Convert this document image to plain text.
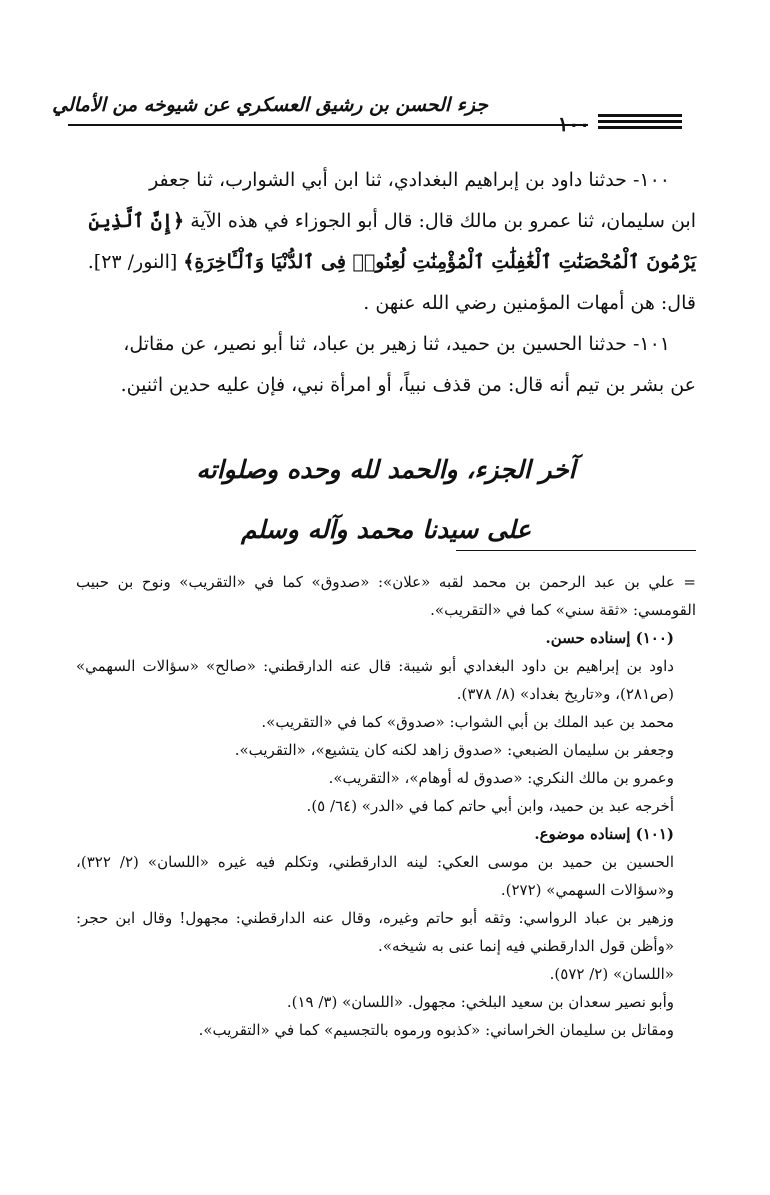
جزء الحسن بن رشيق العسكري عن شيوخه من الأمالي
١٠٠

١٠٠- حدثنا داود بن إبراهيم البغدادي، ثنا ابن أبي الشوارب، ثنا جعفر

ابن سليمان، ثنا عمرو بن مالك قال: قال أبو الجوزاء في هذه الآية ﴿إِنَّ ٱلَّذِينَ

يَرْمُونَ ٱلْمُحْصَنَٰتِ ٱلْغَٰفِلَٰتِ ٱلْمُؤْمِنَٰتِ لُعِنُوا۟ فِى ٱلدُّنْيَا وَٱلْـَٔاخِرَةِ﴾ [النور/ ٢٣].

قال: هن أمهات المؤمنين رضي الله عنهن .

١٠١- حدثنا الحسين بن حميد، ثنا زهير بن عباد، ثنا أبو نصير، عن مقاتل،

عن بشر بن تيم أنه قال: من قذف نبياً، أو امرأة نبي، فإن عليه حدين اثنين.

آخر الجزء، والحمد لله وحده وصلواته

على سيدنا محمد وآله وسلم

= علي بن عبد الرحمن بن محمد لقبه «علان»: «صدوق» كما في «التقريب» ونوح بن حبيب القومسي: «ثقة سني» كما في «التقريب».

(١٠٠) إسناده حسن.

داود بن إبراهيم بن داود البغدادي أبو شيبة: قال عنه الدارقطني: «صالح» «سؤالات السهمي» (ص٢٨١)، و«تاريخ بغداد» (٨/ ٣٧٨).

محمد بن عبد الملك بن أبي الشواب: «صدوق» كما في «التقريب».

وجعفر بن سليمان الضبعي: «صدوق زاهد لكنه كان يتشيع»، «التقريب».

وعمرو بن مالك النكري: «صدوق له أوهام»، «التقريب».

أخرجه عبد بن حميد، وابن أبي حاتم كما في «الدر» (٦٤/ ٥).

(١٠١) إسناده موضوع.

الحسين بن حميد بن موسى العكي: لينه الدارقطني، وتكلم فيه غيره «اللسان» (٢/ ٣٢٢)، و«سؤالات السهمي» (٢٧٢).

وزهير بن عباد الرواسي: وثقه أبو حاتم وغيره، وقال عنه الدارقطني: مجهول! وقال ابن حجر: «وأظن قول الدارقطني فيه إنما عنى به شيخه».

«اللسان» (٢/ ٥٧٢).

وأبو نصير سعدان بن سعيد البلخي: مجهول. «اللسان» (٣/ ١٩).

ومقاتل بن سليمان الخراساني: «كذبوه ورموه بالتجسيم» كما في «التقريب».
